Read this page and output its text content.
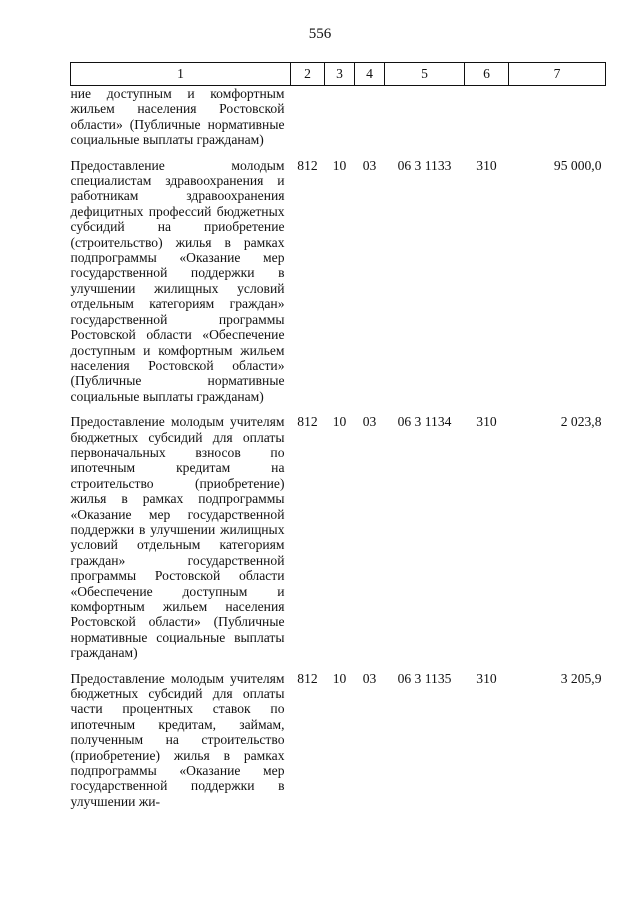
556
1	2	3	4	5	6	7
ние доступным и комфортным жильем населения Ростовской области» (Публичные нормативные социальные выплаты гражданам)						
Предоставление молодым специалистам здравоохранения и работникам здравоохранения дефицитных профессий бюджетных субсидий на приобретение (строительство) жилья в рамках подпрограммы «Оказание мер государственной поддержки в улучшении жилищных условий отдельным категориям граждан» государственной программы Ростовской области «Обеспечение доступным и комфортным жильем населения Ростовской области» (Публичные нормативные социальные выплаты гражданам)	812	10	03	06 3 1133	310	95 000,0
Предоставление молодым учителям бюджетных субсидий для оплаты первоначальных взносов по ипотечным кредитам на строительство (приобретение) жилья в рамках подпрограммы «Оказание мер государственной поддержки в улучшении жилищных условий отдельным категориям граждан» государственной программы Ростовской области «Обеспечение доступным и комфортным жильем населения Ростовской области» (Публичные нормативные социальные выплаты гражданам)	812	10	03	06 3 1134	310	2 023,8
Предоставление молодым учителям бюджетных субсидий для оплаты части процентных ставок по ипотечным кредитам, займам, полученным на строительство (приобретение) жилья в рамках подпрограммы «Оказание мер государственной поддержки в улучшении жи-	812	10	03	06 3 1135	310	3 205,9
